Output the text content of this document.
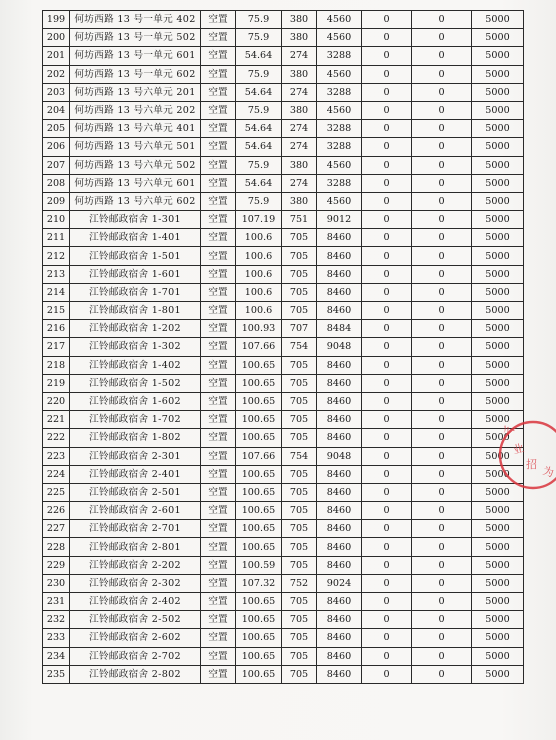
199	何坊西路 13 号一单元 402	空置	75.9	380	4560	0	0	5000
200	何坊西路 13 号一单元 502	空置	75.9	380	4560	0	0	5000
201	何坊西路 13 号一单元 601	空置	54.64	274	3288	0	0	5000
202	何坊西路 13 号一单元 602	空置	75.9	380	4560	0	0	5000
203	何坊西路 13 号六单元 201	空置	54.64	274	3288	0	0	5000
204	何坊西路 13 号六单元 202	空置	75.9	380	4560	0	0	5000
205	何坊西路 13 号六单元 401	空置	54.64	274	3288	0	0	5000
206	何坊西路 13 号六单元 501	空置	54.64	274	3288	0	0	5000
207	何坊西路 13 号六单元 502	空置	75.9	380	4560	0	0	5000
208	何坊西路 13 号六单元 601	空置	54.64	274	3288	0	0	5000
209	何坊西路 13 号六单元 602	空置	75.9	380	4560	0	0	5000
210	江铃邮政宿舍 1-301	空置	107.19	751	9012	0	0	5000
211	江铃邮政宿舍 1-401	空置	100.6	705	8460	0	0	5000
212	江铃邮政宿舍 1-501	空置	100.6	705	8460	0	0	5000
213	江铃邮政宿舍 1-601	空置	100.6	705	8460	0	0	5000
214	江铃邮政宿舍 1-701	空置	100.6	705	8460	0	0	5000
215	江铃邮政宿舍 1-801	空置	100.6	705	8460	0	0	5000
216	江铃邮政宿舍 1-202	空置	100.93	707	8484	0	0	5000
217	江铃邮政宿舍 1-302	空置	107.66	754	9048	0	0	5000
218	江铃邮政宿舍 1-402	空置	100.65	705	8460	0	0	5000
219	江铃邮政宿舍 1-502	空置	100.65	705	8460	0	0	5000
220	江铃邮政宿舍 1-602	空置	100.65	705	8460	0	0	5000
221	江铃邮政宿舍 1-702	空置	100.65	705	8460	0	0	5000
222	江铃邮政宿舍 1-802	空置	100.65	705	8460	0	0	5000
223	江铃邮政宿舍 2-301	空置	107.66	754	9048	0	0	5000
224	江铃邮政宿舍 2-401	空置	100.65	705	8460	0	0	5000
225	江铃邮政宿舍 2-501	空置	100.65	705	8460	0	0	5000
226	江铃邮政宿舍 2-601	空置	100.65	705	8460	0	0	5000
227	江铃邮政宿舍 2-701	空置	100.65	705	8460	0	0	5000
228	江铃邮政宿舍 2-801	空置	100.65	705	8460	0	0	5000
229	江铃邮政宿舍 2-202	空置	100.59	705	8460	0	0	5000
230	江铃邮政宿舍 2-302	空置	107.32	752	9024	0	0	5000
231	江铃邮政宿舍 2-402	空置	100.65	705	8460	0	0	5000
232	江铃邮政宿舍 2-502	空置	100.65	705	8460	0	0	5000
233	江铃邮政宿舍 2-602	空置	100.65	705	8460	0	0	5000
234	江铃邮政宿舍 2-702	空置	100.65	705	8460	0	0	5000
235	江铃邮政宿舍 2-802	空置	100.65	705	8460	0	0	5000
么
业
招 为
